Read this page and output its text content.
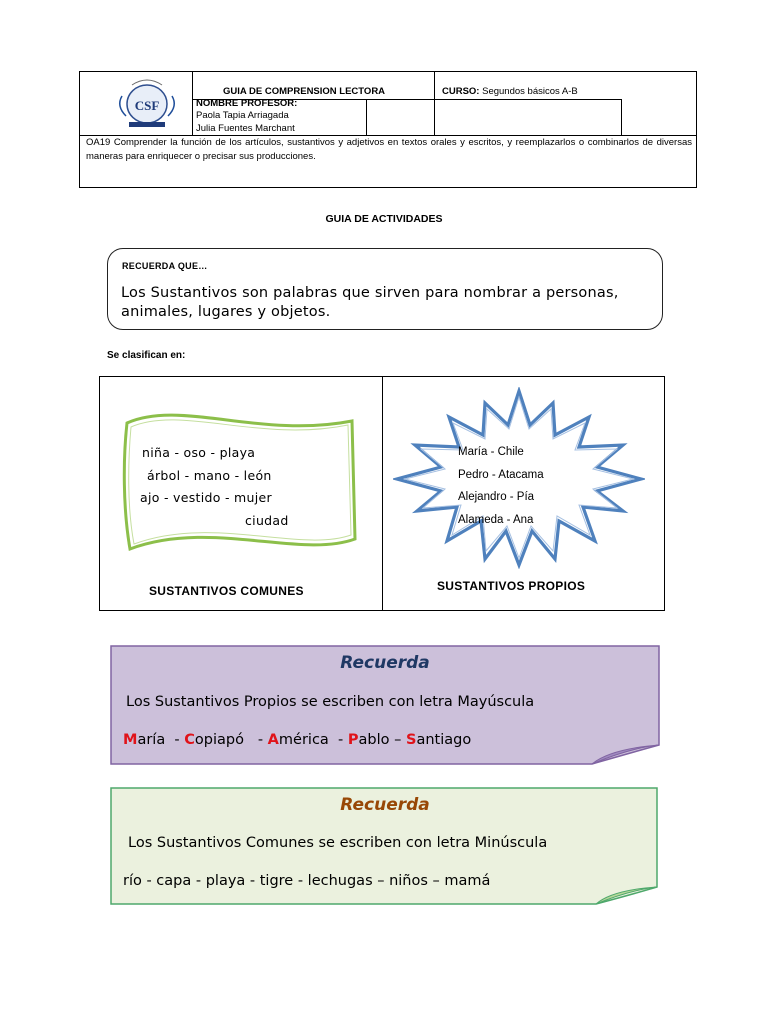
CSF
GUIA DE COMPRENSION LECTORA	CURSO: Segundos básicos A-B
NOMBRE PROFESOR:
Paola Tapia Arriagada
Julia Fuentes Marchant
OA19 Comprender la función de los artículos, sustantivos y adjetivos en textos orales y escritos, y reemplazarlos o combinarlos de diversas maneras para enriquecer o precisar sus producciones.
GUIA DE ACTIVIDADES
RECUERDA QUE…
Los Sustantivos son palabras que sirven para nombrar a personas, animales, lugares y objetos.
Se clasifican en:
niña - oso - playa
árbol - mano - león
ajo - vestido - mujer
ciudad
SUSTANTIVOS COMUNES
María - Chile
Pedro - Atacama
Alejandro - Pía
Alameda - Ana
SUSTANTIVOS PROPIOS
Recuerda
Los Sustantivos Propios se escriben con letra Mayúscula
María  - Copiapó   - América  - Pablo – Santiago
Recuerda
Los Sustantivos Comunes se escriben con letra Minúscula
río - capa - playa - tigre - lechugas – niños – mamá
